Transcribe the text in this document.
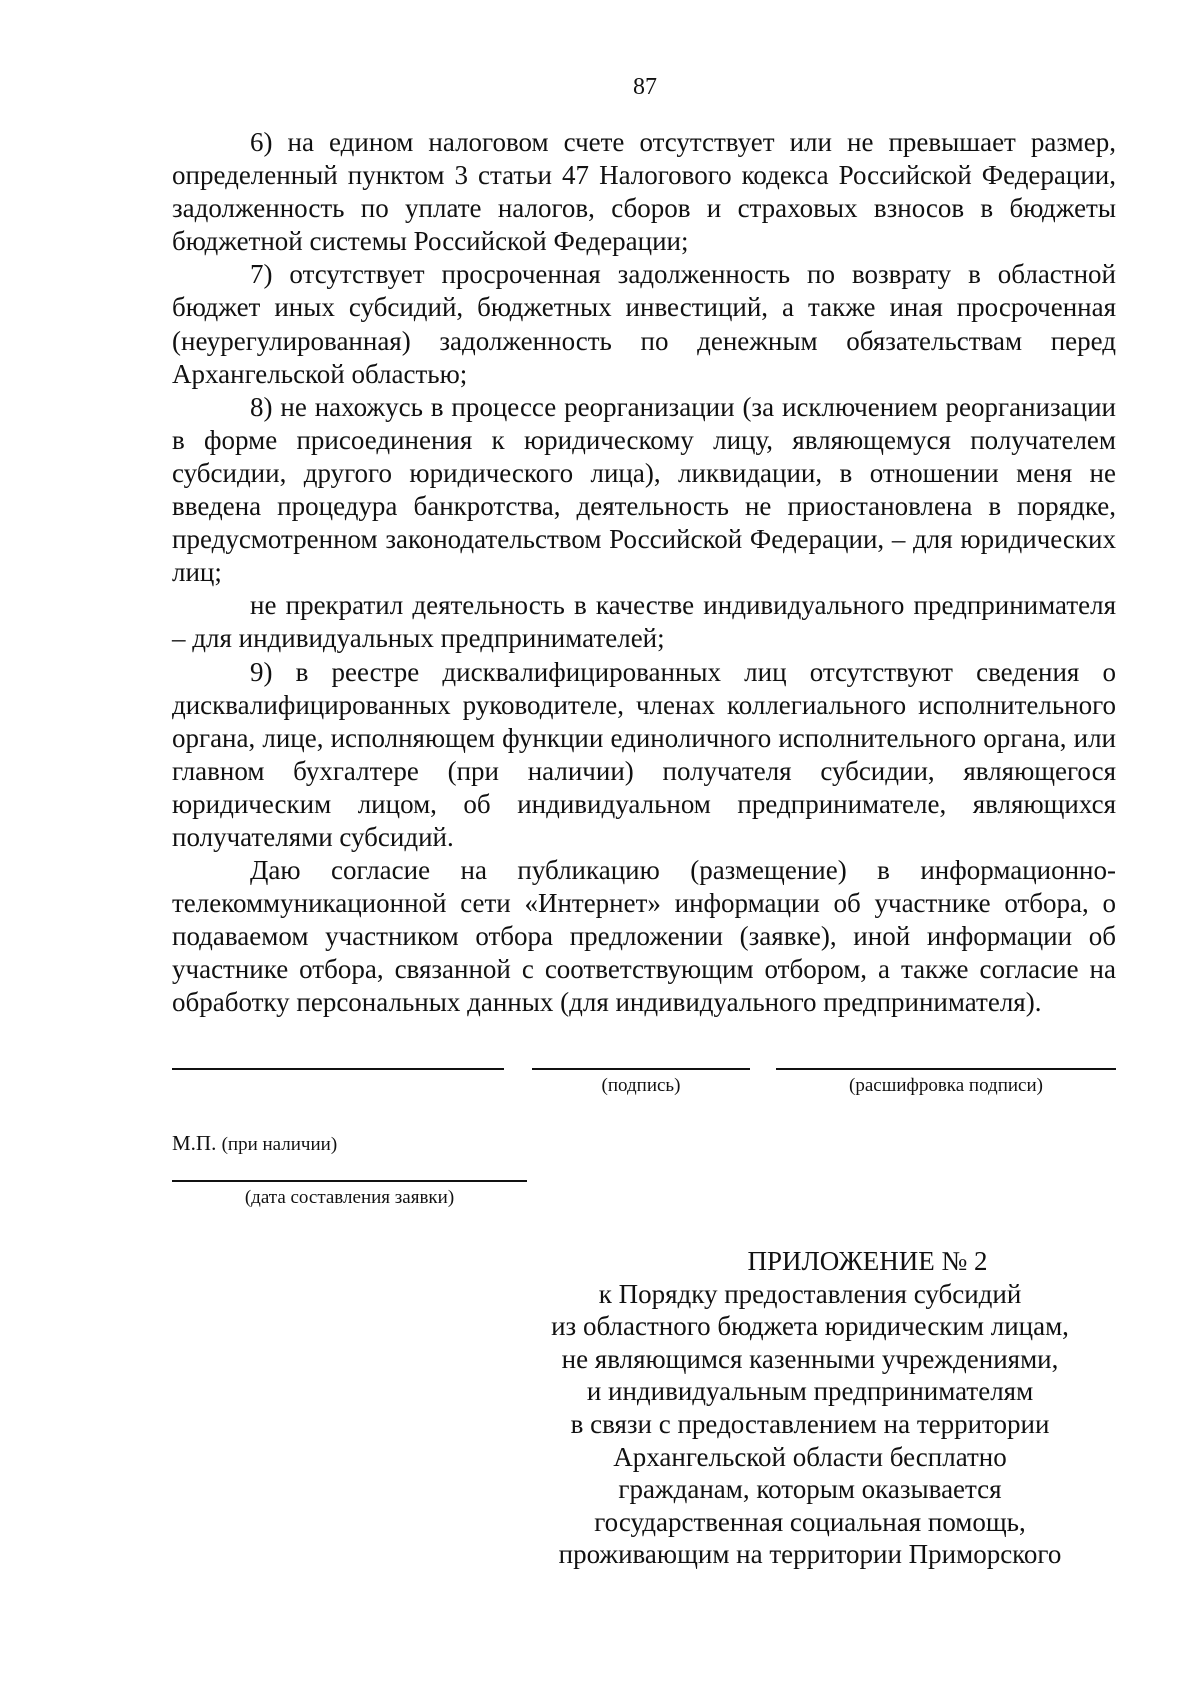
87

6) на едином налоговом счете отсутствует или не превышает размер, определенный пунктом 3 статьи 47 Налогового кодекса Российской Федерации, задолженность по уплате налогов, сборов и страховых взносов в бюджеты бюджетной системы Российской Федерации;

7) отсутствует просроченная задолженность по возврату в областной бюджет иных субсидий, бюджетных инвестиций, а также иная просроченная (неурегулированная) задолженность по денежным обязательствам перед Архангельской областью;

8) не нахожусь в процессе реорганизации (за исключением реорганизации в форме присоединения к юридическому лицу, являющемуся получателем субсидии, другого юридического лица), ликвидации, в отношении меня не введена процедура банкротства, деятельность не приостановлена в порядке, предусмотренном законодательством Российской Федерации, – для юридических лиц;

не прекратил деятельность в качестве индивидуального предпринимателя – для индивидуальных предпринимателей;

9) в реестре дисквалифицированных лиц отсутствуют сведения о дисквалифицированных руководителе, членах коллегиального исполнительного органа, лице, исполняющем функции единоличного исполнительного органа, или главном бухгалтере (при наличии) получателя субсидии, являющегося юридическим лицом, об индивидуальном предпринимателе, являющихся получателями субсидий.

Даю согласие на публикацию (размещение) в информационно-телекоммуникационной сети «Интернет» информации об участнике отбора, о подаваемом участником отбора предложении (заявке), иной информации об участнике отбора, связанной с соответствующим отбором, а также согласие на обработку персональных данных (для индивидуального предпринимателя).

(подпись)	(расшифровка подписи)
М.П. (при наличии)
(дата составления заявки)
ПРИЛОЖЕНИЕ № 2
к Порядку предоставления субсидий
из областного бюджета юридическим лицам,
не являющимся казенными учреждениями,
и индивидуальным предпринимателям
в связи с предоставлением на территории
Архангельской области бесплатно
гражданам, которым оказывается
государственная социальная помощь,
проживающим на территории Приморского
